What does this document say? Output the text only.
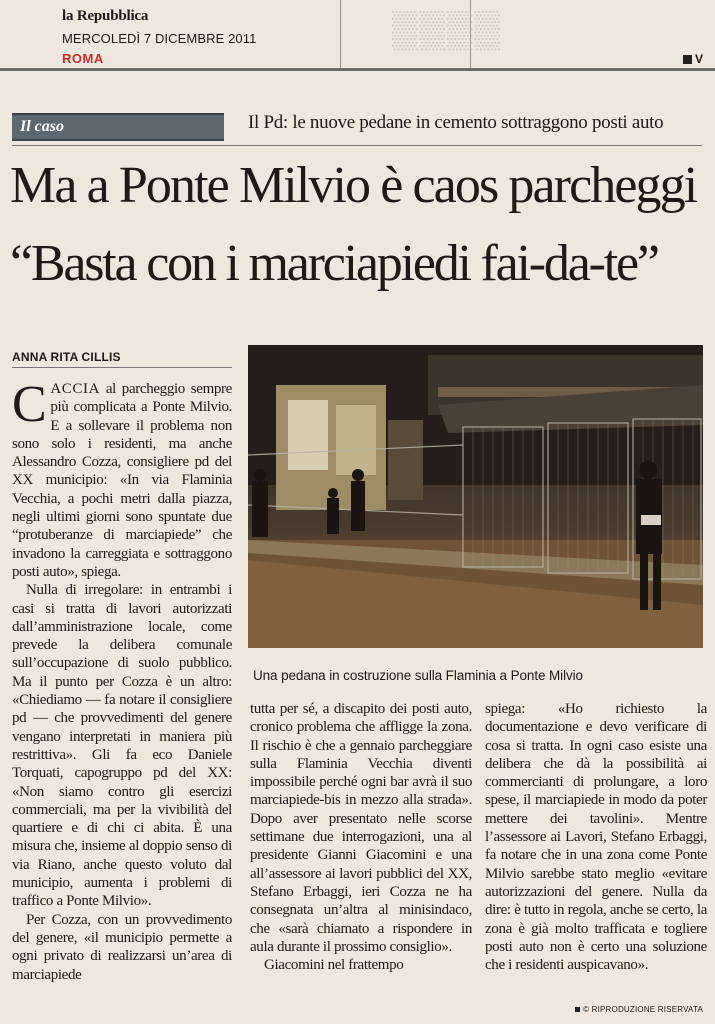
la Repubblica
MERCOLEDÌ 7 DICEMBRE 2011
ROMA
▒▒▒▒
V
Il caso	Il Pd: le nuove pedane in cemento sottraggono posti auto
Ma a Ponte Milvio è caos parcheggi
“Basta con i marciapiedi fai-da-te”
ANNA RITA CILLIS

CACCIA al parcheggio sempre più complicata a Ponte Milvio. E a sollevare il problema non sono solo i residenti, ma anche Alessandro Cozza, consigliere pd del XX municipio: «In via Flaminia Vecchia, a pochi metri dalla piazza, negli ultimi giorni sono spuntate due “protuberanze di marciapiede” che invadono la carreggiata e sottraggono posti auto», spiega.

Nulla di irregolare: in entrambi i casi si tratta di lavori autorizzati dall’amministrazione locale, come prevede la delibera comunale sull’occupazione di suolo pubblico. Ma il punto per Cozza è un altro: «Chiediamo — fa notare il consigliere pd — che provvedimenti del genere vengano interpretati in maniera più restrittiva». Gli fa eco Daniele Torquati, capogruppo pd del XX: «Non siamo contro gli esercizi commerciali, ma per la vivibilità del quartiere e di chi ci abita. È una misura che, insieme al doppio senso di via Riano, anche questo voluto dal municipio, aumenta i problemi di traffico a Ponte Milvio».

Per Cozza, con un provvedimento del genere, «il municipio permette a ogni privato di realizzarsi un’area di marciapiede

Una pedana in costruzione sulla Flaminia a Ponte Milvio

tutta per sé, a discapito dei posti auto, cronico problema che affligge la zona. Il rischio è che a gennaio parcheggiare sulla Flaminia Vecchia diventi impossibile perché ogni bar avrà il suo marciapiede-bis in mezzo alla strada». Dopo aver presentato nelle scorse settimane due interrogazioni, una al presidente Gianni Giacomini e una all’assessore ai lavori pubblici del XX, Stefano Erbaggi, ieri Cozza ne ha consegnata un’altra al minisindaco, che «sarà chiamato a rispondere in aula durante il prossimo consiglio».

Giacomini nel frattempo

spiega: «Ho richiesto la documentazione e devo verificare di cosa si tratta. In ogni caso esiste una delibera che dà la possibilità ai commercianti di prolungare, a loro spese, il marciapiede in modo da poter mettere dei tavolini». Mentre l’assessore ai Lavori, Stefano Erbaggi, fa notare che in una zona come Ponte Milvio sarebbe stato meglio «evitare autorizzazioni del genere. Nulla da dire: è tutto in regola, anche se certo, la zona è già molto trafficata e togliere posti auto non è certo una soluzione che i residenti auspicavano».

© RIPRODUZIONE RISERVATA
